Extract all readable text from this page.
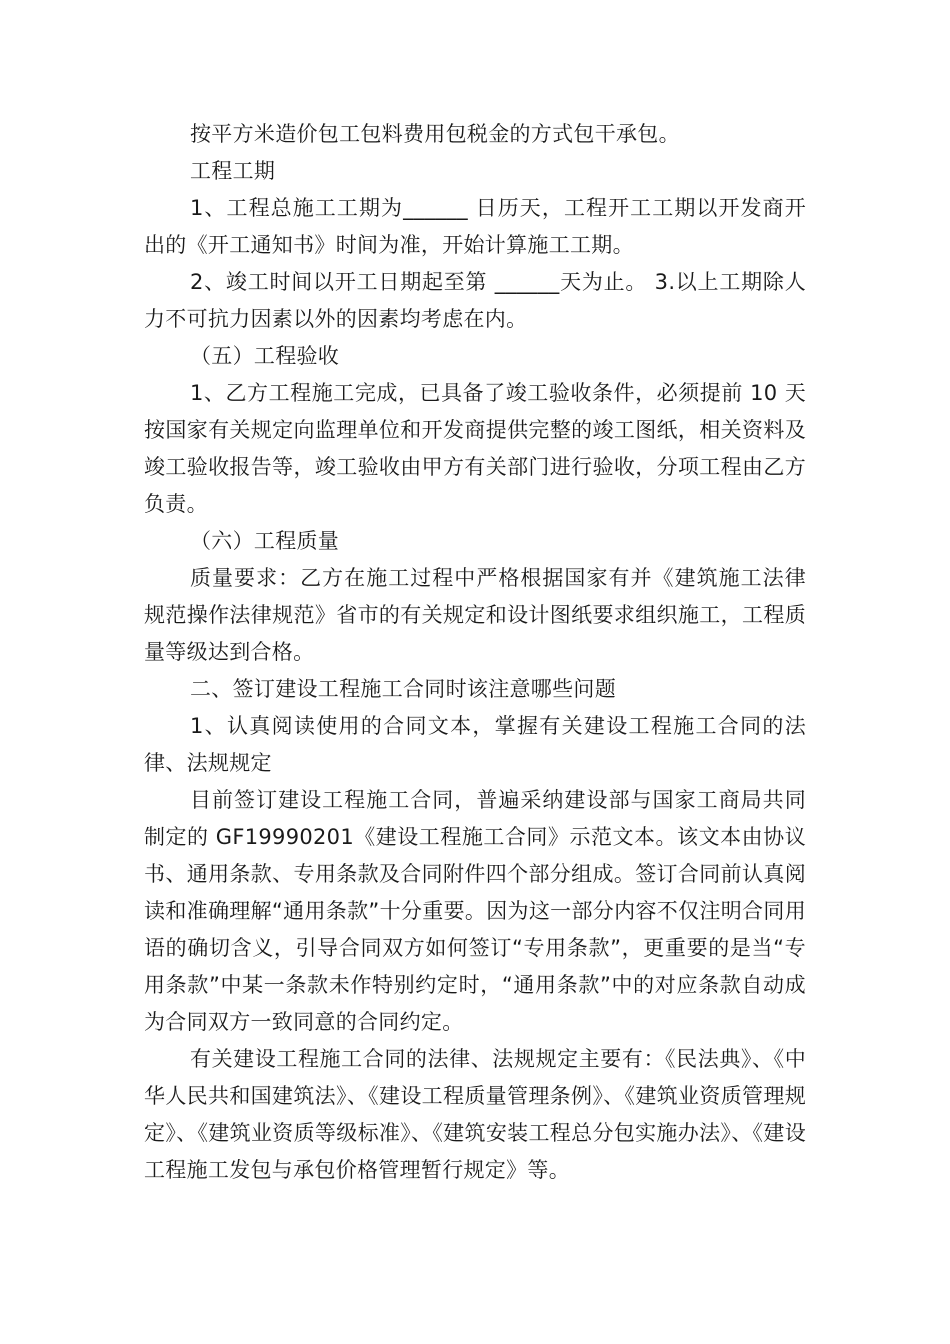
按平方米造价包工包料费用包税金的方式包干承包。

工程工期

1、工程总施工工期为______ 日历天，工程开工工期以开发商开出的《开工通知书》时间为准，开始计算施工工期。

2、竣工时间以开工日期起至第 ______天为止。 3.以上工期除人力不可抗力因素以外的因素均考虑在内。

（五）工程验收

1、乙方工程施工完成，已具备了竣工验收条件，必须提前 10 天按国家有关规定向监理单位和开发商提供完整的竣工图纸，相关资料及竣工验收报告等，竣工验收由甲方有关部门进行验收，分项工程由乙方负责。

（六）工程质量

质量要求：乙方在施工过程中严格根据国家有并《建筑施工法律规范操作法律规范》省市的有关规定和设计图纸要求组织施工，工程质量等级达到合格。

二、签订建设工程施工合同时该注意哪些问题

1、认真阅读使用的合同文本，掌握有关建设工程施工合同的法律、法规规定

目前签订建设工程施工合同，普遍采纳建设部与国家工商局共同制定的 GF19990201《建设工程施工合同》示范文本。该文本由协议书、通用条款、专用条款及合同附件四个部分组成。签订合同前认真阅读和准确理解“通用条款”十分重要。因为这一部分内容不仅注明合同用语的确切含义，引导合同双方如何签订“专用条款”，更重要的是当“专用条款”中某一条款未作特别约定时，“通用条款”中的对应条款自动成为合同双方一致同意的合同约定。

有关建设工程施工合同的法律、法规规定主要有：《民法典》、《中华人民共和国建筑法》、《建设工程质量管理条例》、《建筑业资质管理规定》、《建筑业资质等级标准》、《建筑安装工程总分包实施办法》、《建设工程施工发包与承包价格管理暂行规定》等。
